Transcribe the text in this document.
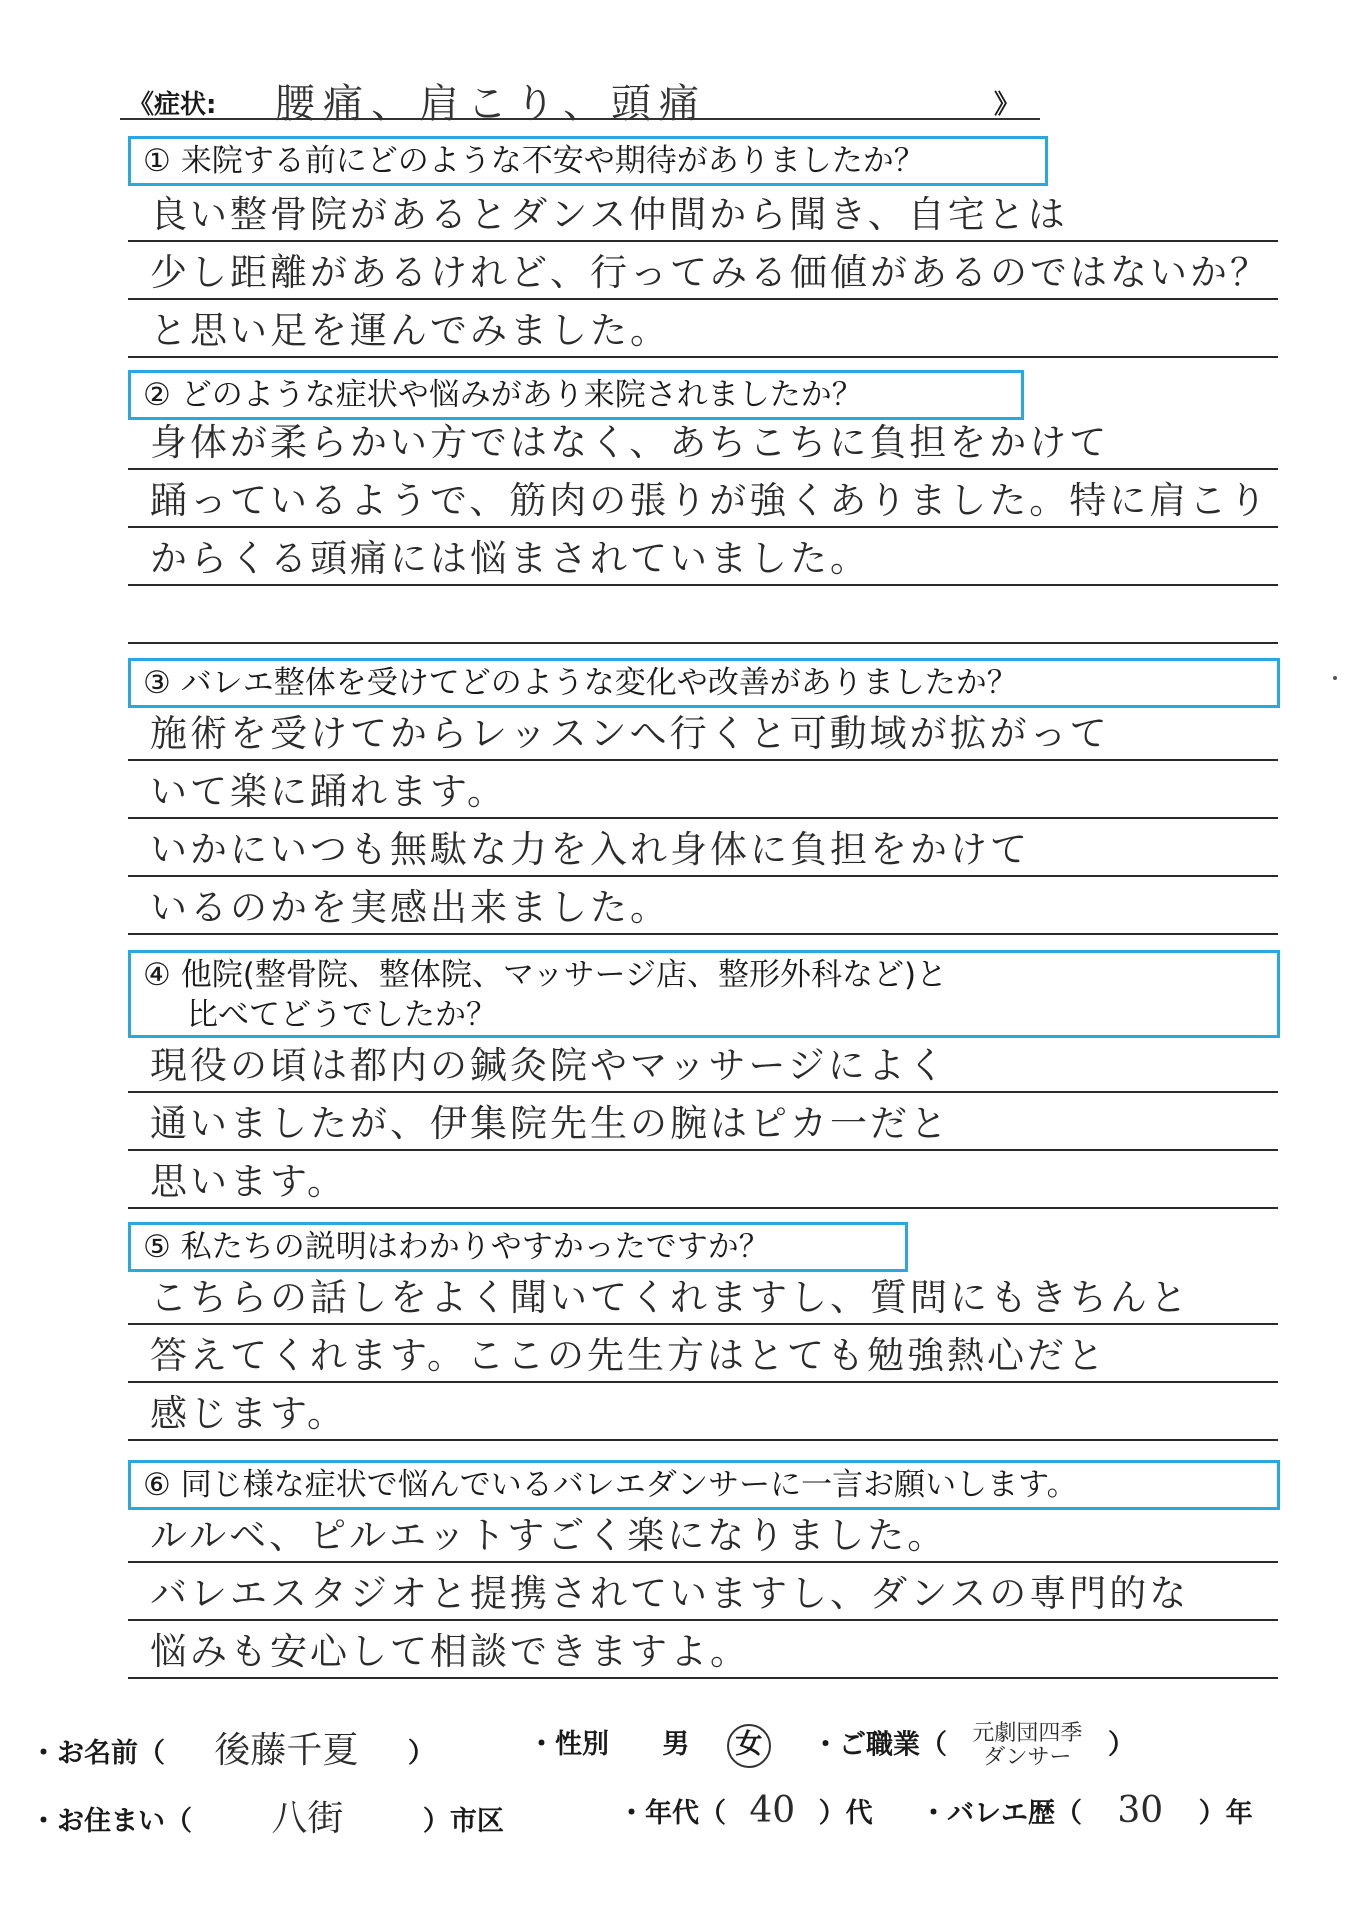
《症状: 腰痛、肩こり、頭痛	》
① 来院する前にどのような不安や期待がありましたか？
良い整骨院があるとダンス仲間から聞き、自宅とは
少し距離があるけれど、行ってみる価値があるのではないか？
と思い足を運んでみました。
② どのような症状や悩みがあり来院されましたか？
身体が柔らかい方ではなく、あちこちに負担をかけて
踊っているようで、筋肉の張りが強くありました。特に肩こり
からくる頭痛には悩まされていました。
③ バレエ整体を受けてどのような変化や改善がありましたか？
施術を受けてからレッスンへ行くと可動域が拡がって
いて楽に踊れます。
いかにいつも無駄な力を入れ身体に負担をかけて
いるのかを実感出来ました。
④ 他院(整骨院、整体院、マッサージ店、整形外科など)と
比べてどうでしたか？
現役の頃は都内の鍼灸院やマッサージによく
通いましたが、伊集院先生の腕はピカ一だと
思います。
⑤ 私たちの説明はわかりやすかったですか？
こちらの話しをよく聞いてくれますし、質問にもきちんと
答えてくれます。ここの先生方はとても勉強熱心だと
感じます。
⑥ 同じ様な症状で悩んでいるバレエダンサーに一言お願いします。
ルルベ、ピルエットすごく楽になりました。
バレエスタジオと提携されていますし、ダンスの専門的な
悩みも安心して相談できますよ。
・お名前（ 後藤千夏 ）	・性別 男 女	・ご職業（ 元劇団四季
ダンサー ）
・お住まい（ 八街	）市区	・年代（ 40 ）代 ・バレエ歴（ 30 ）年
